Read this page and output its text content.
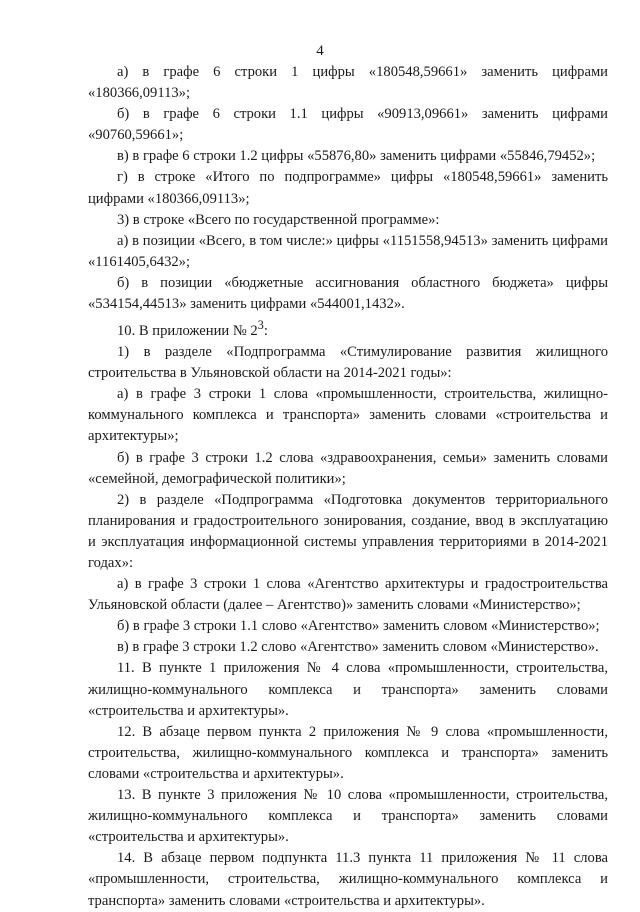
4

а) в графе 6 строки 1 цифры «180548,59661» заменить цифрами «180366,09113»;

б) в графе 6 строки 1.1 цифры «90913,09661» заменить цифрами «90760,59661»;

в) в графе 6 строки 1.2 цифры «55876,80» заменить цифрами «55846,79452»;

г) в строке «Итого по подпрограмме» цифры «180548,59661» заменить цифрами «180366,09113»;

3) в строке «Всего по государственной программе»:

а) в позиции «Всего, в том числе:» цифры «1151558,94513» заменить цифрами «1161405,6432»;

б) в позиции «бюджетные ассигнования областного бюджета» цифры «534154,44513» заменить цифрами «544001,1432».

10. В приложении № $2^3$:

1) в разделе «Подпрограмма «Стимулирование развития жилищного строительства в Ульяновской области на 2014-2021 годы»:

а) в графе 3 строки 1 слова «промышленности, строительства, жилищно-коммунального комплекса и транспорта» заменить словами «строительства и архитектуры»;

б) в графе 3 строки 1.2 слова «здравоохранения, семьи» заменить словами «семейной, демографической политики»;

2) в разделе «Подпрограмма «Подготовка документов территориального планирования и градостроительного зонирования, создание, ввод в эксплуатацию и эксплуатация информационной системы управления территориями в 2014-2021 годах»:

а) в графе 3 строки 1 слова «Агентство архитектуры и градостроительства Ульяновской области (далее – Агентство)» заменить словами «Министерство»;

б) в графе 3 строки 1.1 слово «Агентство» заменить словом «Министерство»;

в) в графе 3 строки 1.2 слово «Агентство» заменить словом «Министерство».

11. В пункте 1 приложения № 4 слова «промышленности, строительства, жилищно-коммунального комплекса и транспорта» заменить словами «строительства и архитектуры».

12. В абзаце первом пункта 2 приложения № 9 слова «промышленности, строительства, жилищно-коммунального комплекса и транспорта» заменить словами «строительства и архитектуры».

13. В пункте 3 приложения № 10 слова «промышленности, строительства, жилищно-коммунального комплекса и транспорта» заменить словами «строительства и архитектуры».

14. В абзаце первом подпункта 11.3 пункта 11 приложения № 11 слова «промышленности, строительства, жилищно-коммунального комплекса и транспорта» заменить словами «строительства и архитектуры».
